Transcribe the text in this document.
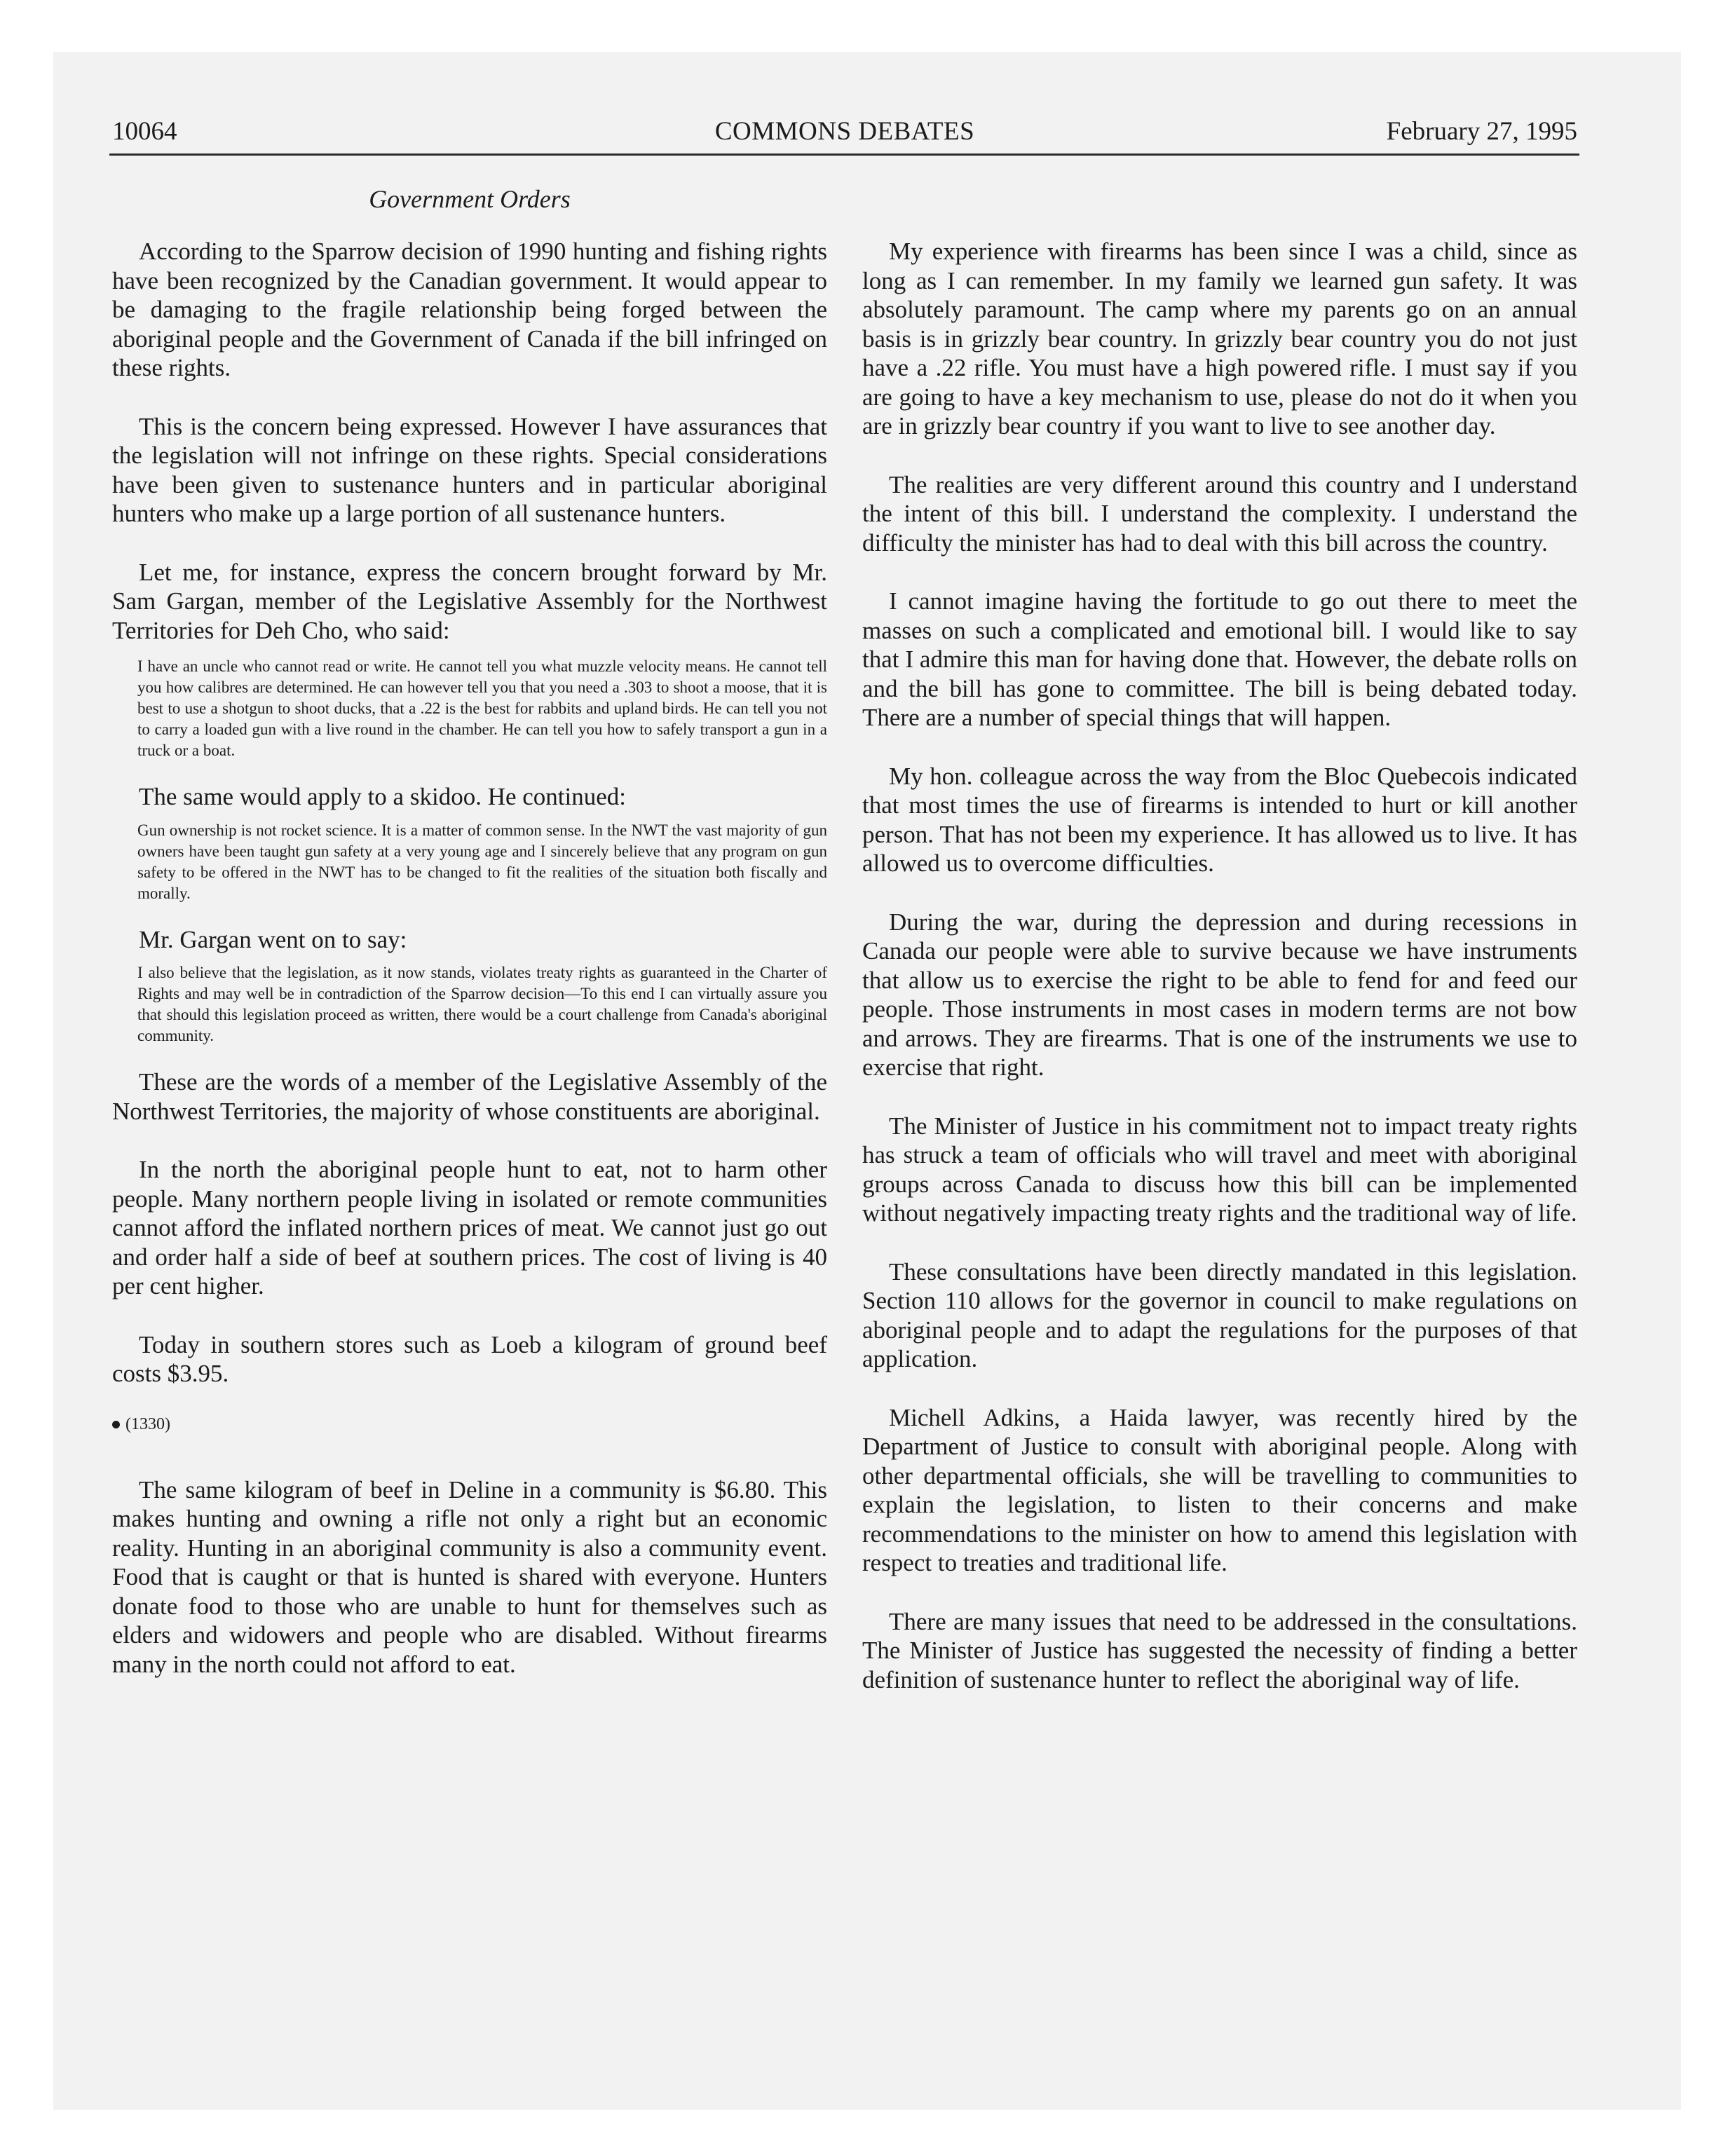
10064	COMMONS DEBATES	February 27, 1995
Government Orders

According to the Sparrow decision of 1990 hunting and fishing rights have been recognized by the Canadian government. It would appear to be damaging to the fragile relationship being forged between the aboriginal people and the Government of Canada if the bill infringed on these rights.

This is the concern being expressed. However I have assurances that the legislation will not infringe on these rights. Special considerations have been given to sustenance hunters and in particular aboriginal hunters who make up a large portion of all sustenance hunters.

Let me, for instance, express the concern brought forward by Mr. Sam Gargan, member of the Legislative Assembly for the Northwest Territories for Deh Cho, who said:

I have an uncle who cannot read or write. He cannot tell you what muzzle velocity means. He cannot tell you how calibres are determined. He can however tell you that you need a .303 to shoot a moose, that it is best to use a shotgun to shoot ducks, that a .22 is the best for rabbits and upland birds. He can tell you not to carry a loaded gun with a live round in the chamber. He can tell you how to safely transport a gun in a truck or a boat.

The same would apply to a skidoo. He continued:

Gun ownership is not rocket science. It is a matter of common sense. In the NWT the vast majority of gun owners have been taught gun safety at a very young age and I sincerely believe that any program on gun safety to be offered in the NWT has to be changed to fit the realities of the situation both fiscally and morally.

Mr. Gargan went on to say:

I also believe that the legislation, as it now stands, violates treaty rights as guaranteed in the Charter of Rights and may well be in contradiction of the Sparrow decision—To this end I can virtually assure you that should this legislation proceed as written, there would be a court challenge from Canada's aboriginal community.

These are the words of a member of the Legislative Assembly of the Northwest Territories, the majority of whose constituents are aboriginal.

In the north the aboriginal people hunt to eat, not to harm other people. Many northern people living in isolated or remote communities cannot afford the inflated northern prices of meat. We cannot just go out and order half a side of beef at southern prices. The cost of living is 40 per cent higher.

Today in southern stores such as Loeb a kilogram of ground beef costs $3.95.

(1330)

The same kilogram of beef in Deline in a community is $6.80. This makes hunting and owning a rifle not only a right but an economic reality. Hunting in an aboriginal community is also a community event. Food that is caught or that is hunted is shared with everyone. Hunters donate food to those who are unable to hunt for themselves such as elders and widowers and people who are disabled. Without firearms many in the north could not afford to eat.

My experience with firearms has been since I was a child, since as long as I can remember. In my family we learned gun safety. It was absolutely paramount. The camp where my parents go on an annual basis is in grizzly bear country. In grizzly bear country you do not just have a .22 rifle. You must have a high powered rifle. I must say if you are going to have a key mechanism to use, please do not do it when you are in grizzly bear country if you want to live to see another day.

The realities are very different around this country and I understand the intent of this bill. I understand the complexity. I understand the difficulty the minister has had to deal with this bill across the country.

I cannot imagine having the fortitude to go out there to meet the masses on such a complicated and emotional bill. I would like to say that I admire this man for having done that. However, the debate rolls on and the bill has gone to committee. The bill is being debated today. There are a number of special things that will happen.

My hon. colleague across the way from the Bloc Quebecois indicated that most times the use of firearms is intended to hurt or kill another person. That has not been my experience. It has allowed us to live. It has allowed us to overcome difficulties.

During the war, during the depression and during recessions in Canada our people were able to survive because we have instruments that allow us to exercise the right to be able to fend for and feed our people. Those instruments in most cases in modern terms are not bow and arrows. They are firearms. That is one of the instruments we use to exercise that right.

The Minister of Justice in his commitment not to impact treaty rights has struck a team of officials who will travel and meet with aboriginal groups across Canada to discuss how this bill can be implemented without negatively impacting treaty rights and the traditional way of life.

These consultations have been directly mandated in this legislation. Section 110 allows for the governor in council to make regulations on aboriginal people and to adapt the regulations for the purposes of that application.

Michell Adkins, a Haida lawyer, was recently hired by the Department of Justice to consult with aboriginal people. Along with other departmental officials, she will be travelling to communities to explain the legislation, to listen to their concerns and make recommendations to the minister on how to amend this legislation with respect to treaties and traditional life.

There are many issues that need to be addressed in the consultations. The Minister of Justice has suggested the necessity of finding a better definition of sustenance hunter to reflect the aboriginal way of life.
